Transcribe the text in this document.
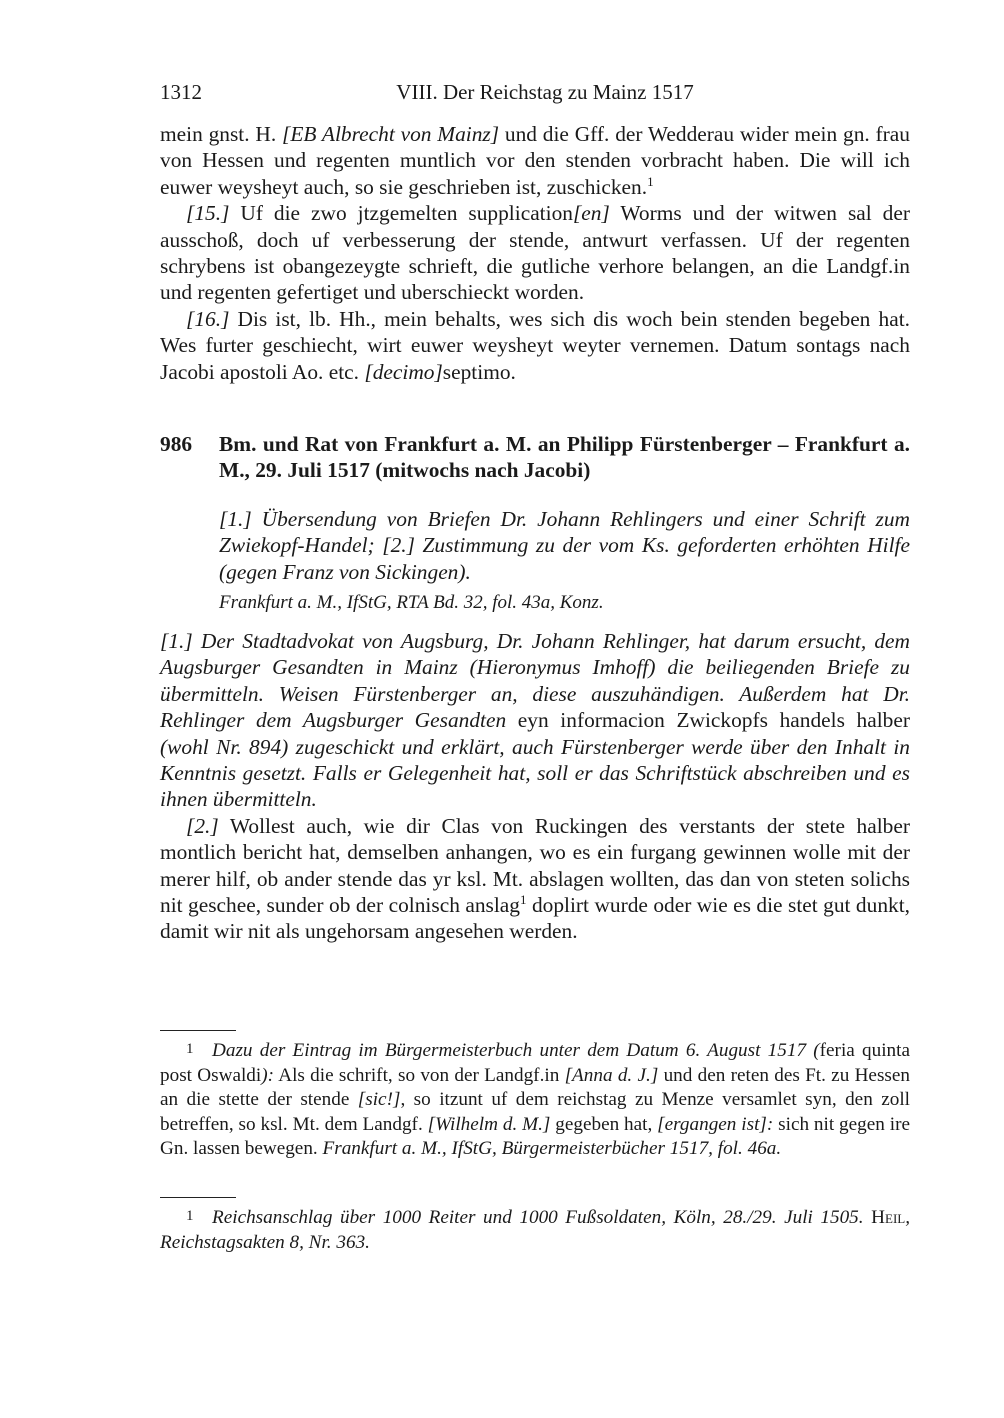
1312	VIII. Der Reichstag zu Mainz 1517

mein gnst. H. [EB Albrecht von Mainz] und die Gff. der Wedderau wider mein gn. frau von Hessen und regenten muntlich vor den stenden vorbracht haben. Die will ich euwer weysheyt auch, so sie geschrieben ist, zuschicken.$^1$

[15.] Uf die zwo jtzgemelten supplication[en] Worms und der witwen sal der ausschoß, doch uf verbesserung der stende, antwurt verfassen. Uf der regenten schrybens ist obangezeygte schrieft, die gutliche verhore belangen, an die Landgf.in und regenten gefertiget und uberschieckt worden.

[16.] Dis ist, lb. Hh., mein behalts, wes sich dis woch bein stenden begeben hat. Wes furter geschiecht, wirt euwer weysheyt weyter vernemen. Datum sontags nach Jacobi apostoli Ao. etc. [decimo]septimo.

986 Bm. und Rat von Frankfurt a. M. an Philipp Fürstenberger – Frankfurt a. M., 29. Juli 1517 (mitwochs nach Jacobi)
[1.] Übersendung von Briefen Dr. Johann Rehlingers und einer Schrift zum Zwiekopf-Handel; [2.] Zustimmung zu der vom Ks. geforderten erhöhten Hilfe (gegen Franz von Sickingen).
Frankfurt a. M., IfStG, RTA Bd. 32, fol. 43a, Konz.

[1.] Der Stadtadvokat von Augsburg, Dr. Johann Rehlinger, hat darum ersucht, dem Augsburger Gesandten in Mainz (Hieronymus Imhoff) die beiliegenden Briefe zu übermitteln. Weisen Fürstenberger an, diese auszuhändigen. Außerdem hat Dr. Rehlinger dem Augsburger Gesandten eyn informacion Zwickopfs handels halber (wohl Nr. 894) zugeschickt und erklärt, auch Fürstenberger werde über den Inhalt in Kenntnis gesetzt. Falls er Gelegenheit hat, soll er das Schriftstück abschreiben und es ihnen übermitteln.

[2.] Wollest auch, wie dir Clas von Ruckingen des verstants der stete halber montlich bericht hat, demselben anhangen, wo es ein furgang gewinnen wolle mit der merer hilf, ob ander stende das yr ksl. Mt. abslagen wollten, das dan von steten solichs nit geschee, sunder ob der colnisch anslag$^1$ doplirt wurde oder wie es die stet gut dunkt, damit wir nit als ungehorsam angesehen werden.

1 Dazu der Eintrag im Bürgermeisterbuch unter dem Datum 6. August 1517 (feria quinta post Oswaldi): Als die schrift, so von der Landgf.in [Anna d. J.] und den reten des Ft. zu Hessen an die stette der stende [sic!], so itzunt uf dem reichstag zu Menze versamlet syn, den zoll betreffen, so ksl. Mt. dem Landgf. [Wilhelm d. M.] gegeben hat, [ergangen ist]: sich nit gegen ire Gn. lassen bewegen. Frankfurt a. M., IfStG, Bürgermeisterbücher 1517, fol. 46a.
1 Reichsanschlag über 1000 Reiter und 1000 Fußsoldaten, Köln, 28./29. Juli 1505. Heil, Reichstagsakten 8, Nr. 363.
